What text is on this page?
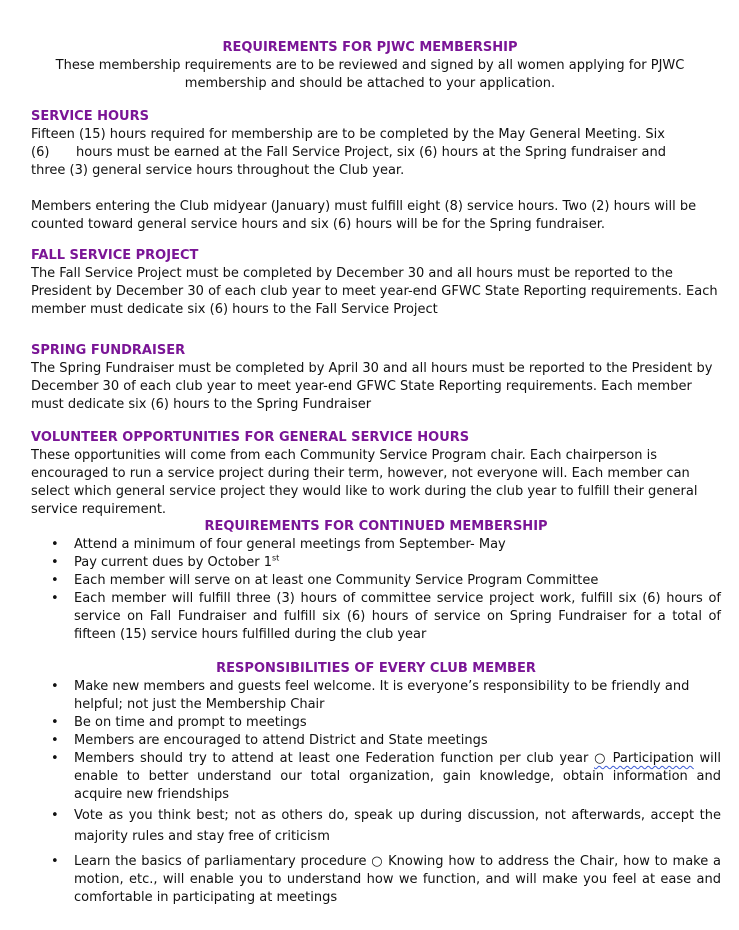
REQUIREMENTS FOR PJWC MEMBERSHIP
These membership requirements are to be reviewed and signed by all women applying for PJWC
membership and should be attached to your application.
SERVICE HOURS

Fifteen (15) hours required for membership are to be completed by the May General Meeting. Six

(6) hours must be earned at the Fall Service Project, six (6) hours at the Spring fundraiser and

three (3) general service hours throughout the Club year.

Members entering the Club midyear (January) must fulfill eight (8) service hours. Two (2) hours will be

counted toward general service hours and six (6) hours will be for the Spring fundraiser.

FALL SERVICE PROJECT

The Fall Service Project must be completed by December 30 and all hours must be reported to the

President by December 30 of each club year to meet year-end GFWC State Reporting requirements. Each

member must dedicate six (6) hours to the Fall Service Project

SPRING FUNDRAISER

The Spring Fundraiser must be completed by April 30 and all hours must be reported to the President by

December 30 of each club year to meet year-end GFWC State Reporting requirements. Each member

must dedicate six (6) hours to the Spring Fundraiser

VOLUNTEER OPPORTUNITIES FOR GENERAL SERVICE HOURS

These opportunities will come from each Community Service Program chair. Each chairperson is

encouraged to run a service project during their term, however, not everyone will. Each member can

select which general service project they would like to work during the club year to fulfill their general

service requirement.

REQUIREMENTS FOR CONTINUED MEMBERSHIP
• Attend a minimum of four general meetings from September- May
• Pay current dues by October 1st
• Each member will serve on at least one Community Service Program Committee
• Each member will fulfill three (3) hours of committee service project work, fulfill six (6) hours of service on Fall Fundraiser and fulfill six (6) hours of service on Spring Fundraiser for a total of fifteen (15) service hours fulfilled during the club year
RESPONSIBILITIES OF EVERY CLUB MEMBER
• Make new members and guests feel welcome. It is everyone’s responsibility to be friendly and helpful; not just the Membership Chair
• Be on time and prompt to meetings
• Members are encouraged to attend District and State meetings
• Members should try to attend at least one Federation function per club year ○ Participation will enable to better understand our total organization, gain knowledge, obtain information and acquire new friendships
• Vote as you think best; not as others do, speak up during discussion, not afterwards, accept the majority rules and stay free of criticism
• Learn the basics of parliamentary procedure ○ Knowing how to address the Chair, how to make a motion, etc., will enable you to understand how we function, and will make you feel at ease and comfortable in participating at meetings
